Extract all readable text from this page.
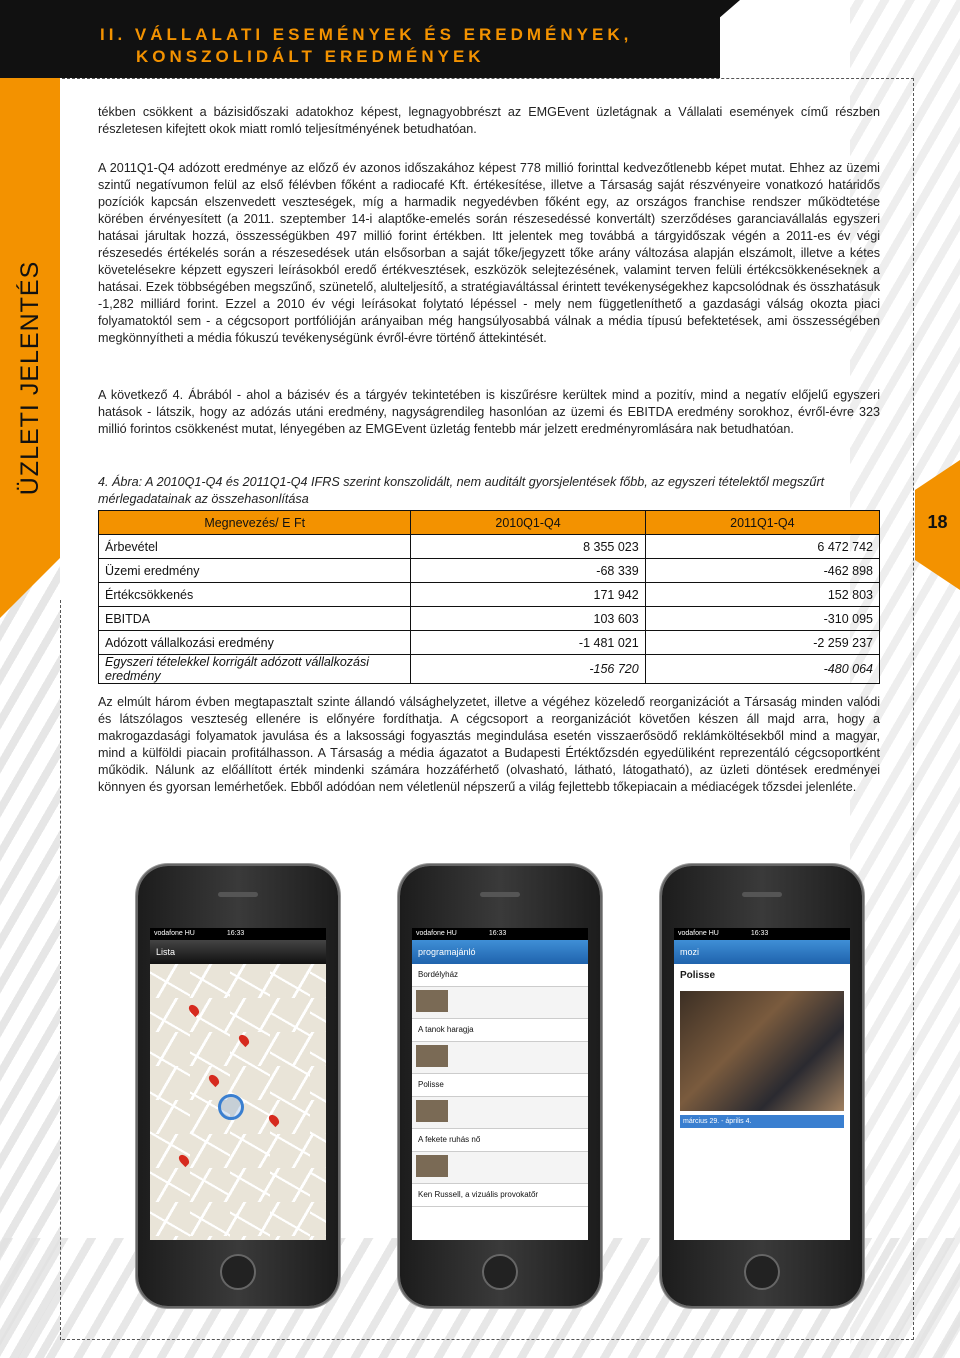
II. VÁLLALATI ESEMÉNYEK ÉS EREDMÉNYEK,
KONSZOLIDÁLT EREDMÉNYEK
ÜZLETI JELENTÉS
18
tékben csökkent a bázisidőszaki adatokhoz képest, legnagyobbrészt az EMGEvent üzletágnak a Vállalati események című részben részletesen kifejtett okok miatt romló teljesítményének betudhatóan.
A 2011Q1-Q4 adózott eredménye az előző év azonos időszakához képest 778 millió forinttal kedvezőtlenebb képet mutat. Ehhez az üzemi szintű negatívumon felül az első félévben főként a radiocafé Kft. értékesítése, illetve a Társaság saját részvényeire vonatkozó határidős pozíciók kapcsán elszenvedett veszteségek, míg a harmadik negyedévben főként egy, az országos franchise rendszer működtetése körében érvényesített (a 2011. szeptember 14-i alaptőke-emelés során részesedéssé konvertált) szerződéses garanciavállalás egyszeri hatásai járultak hozzá, összességükben 497 millió forint értékben. Itt jelentek meg továbbá a tárgyidőszak végén a 2011-es év végi részesedés értékelés során a részesedések után elsősorban a saját tőke/jegyzett tőke arány változása alapján elszámolt, illetve a kétes követelésekre képzett egyszeri leírásokból eredő értékvesztések, eszközök selejtezésének, valamint terven felüli értékcsökkenéseknek a hatásai. Ezek többségében megszűnő, szünetelő, alulteljesítő, a stratégiaváltással érintett tevékenységekhez kapcsolódnak és összhatásuk -1,282 milliárd forint. Ezzel a 2010 év végi leírásokat folytató lépéssel - mely nem függetleníthető a gazdasági válság okozta piaci folyamatoktól sem - a cégcsoport portfólióján arányaiban még hangsúlyosabbá válnak a média típusú befektetések, ami összességében megkönnyítheti a média fókuszú tevékenységünk évről-évre történő áttekintését.
A következő 4. Ábrából - ahol a bázisév és a tárgyév tekintetében is kiszűrésre kerültek mind a pozitív, mind a negatív előjelű egyszeri hatások - látszik, hogy az adózás utáni eredmény, nagyságrendileg hasonlóan az üzemi és EBITDA eredmény sorokhoz, évről-évre 323 millió forintos csökkenést mutat, lényegében az EMGEvent üzletág fentebb már jelzett eredményromlására nak betudhatóan.
4. Ábra: A 2010Q1-Q4 és 2011Q1-Q4 IFRS szerint konszolidált, nem auditált gyorsjelentések főbb, az egyszeri tételektől megszűrt mérlegadatainak az összehasonlítása
Megnevezés/ E Ft	2010Q1-Q4	2011Q1-Q4
Árbevétel	8 355 023	6 472 742
Üzemi eredmény	-68 339	-462 898
Értékcsökkenés	171 942	152 803
EBITDA	103 603	-310 095
Adózott vállalkozási eredmény	-1 481 021	-2 259 237
Egyszeri tételekkel korrigált adózott vállalkozási eredmény	-156 720	-480 064
Az elmúlt három évben megtapasztalt szinte állandó válsághelyzetet, illetve a végéhez közeledő reorganizációt a Társaság minden valódi és látszólagos veszteség ellenére is előnyére fordíthatja. A cégcsoport a reorganizációt követően készen áll majd arra, hogy a makrogazdasági folyamatok javulása és a laksossági fogyasztás megindulása esetén visszaerősödő reklámköltésekből mind a magyar, mind a külföldi piacain profitálhasson. A Társaság a média ágazatot a Budapesti Értéktőzsdén egyedüliként reprezentáló cégcsoportként működik. Nálunk az előállított érték mindenki számára hozzáférhető (olvasható, látható, látogatható), az üzleti döntések eredményei könnyen és gyorsan lemérhetőek. Ebből adódóan nem véletlenül népszerű a világ fejlettebb tőkepiacain a médiacégek tőzsdei jelenléte.
vodafone HU	16:33
Lista
vodafone HU	16:33
programajánló
Bordélyház
A tanok haragja
Polisse
A fekete ruhás nő
Ken Russell, a vizuális provokatőr
vodafone HU	16:33
mozi
Polisse
március 29. - április 4.
